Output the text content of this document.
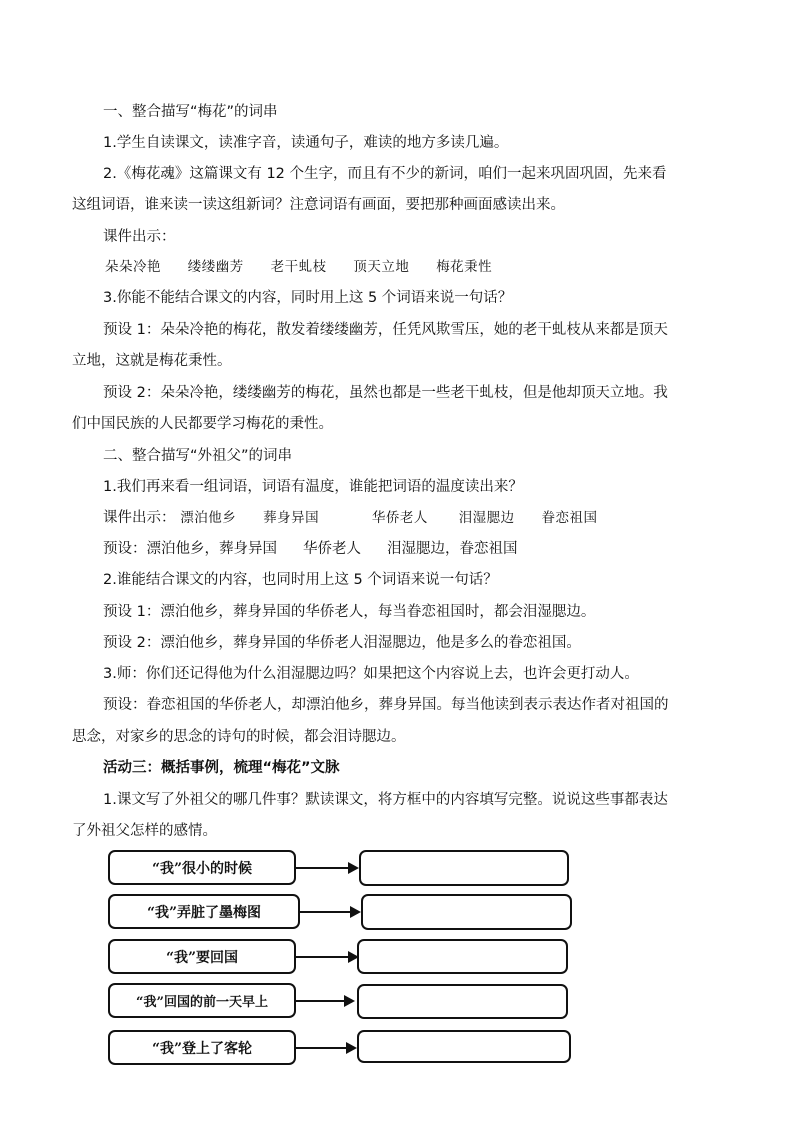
一、整合描写“梅花”的词串
1.学生自读课文，读准字音，读通句子，难读的地方多读几遍。
2.《梅花魂》这篇课文有 12 个生字，而且有不少的新词，咱们一起来巩固巩固，先来看
这组词语，谁来读一读这组新词？注意词语有画面，要把那种画面感读出来。
课件出示：
朵朵冷艳 缕缕幽芳 老干虬枝 顶天立地 梅花秉性
3.你能不能结合课文的内容，同时用上这 5 个词语来说一句话？
预设 1：朵朵冷艳的梅花，散发着缕缕幽芳，任凭风欺雪压，她的老干虬枝从来都是顶天
立地，这就是梅花秉性。
预设 2：朵朵冷艳，缕缕幽芳的梅花，虽然也都是一些老干虬枝，但是他却顶天立地。我
们中国民族的人民都要学习梅花的秉性。
二、整合描写“外祖父”的词串
1.我们再来看一组词语，词语有温度，谁能把词语的温度读出来？
课件出示： 漂泊他乡 葬身异国	华侨老人 泪湿腮边 眷恋祖国
预设：漂泊他乡，葬身异国 华侨老人 泪湿腮边，眷恋祖国
2.谁能结合课文的内容，也同时用上这 5 个词语来说一句话？
预设 1：漂泊他乡，葬身异国的华侨老人，每当眷恋祖国时，都会泪湿腮边。
预设 2：漂泊他乡，葬身异国的华侨老人泪湿腮边，他是多么的眷恋祖国。
3.师：你们还记得他为什么泪湿腮边吗？如果把这个内容说上去，也许会更打动人。
预设：眷恋祖国的华侨老人，却漂泊他乡，葬身异国。每当他读到表示表达作者对祖国的
思念，对家乡的思念的诗句的时候，都会泪诗腮边。
活动三：概括事例，梳理“梅花”文脉
1.课文写了外祖父的哪几件事？默读课文，将方框中的内容填写完整。说说这些事都表达
了外祖父怎样的感情。
“我”很小的时候
“我”弄脏了墨梅图
“我”要回国
“我”回国的前一天早上
“我”登上了客轮
